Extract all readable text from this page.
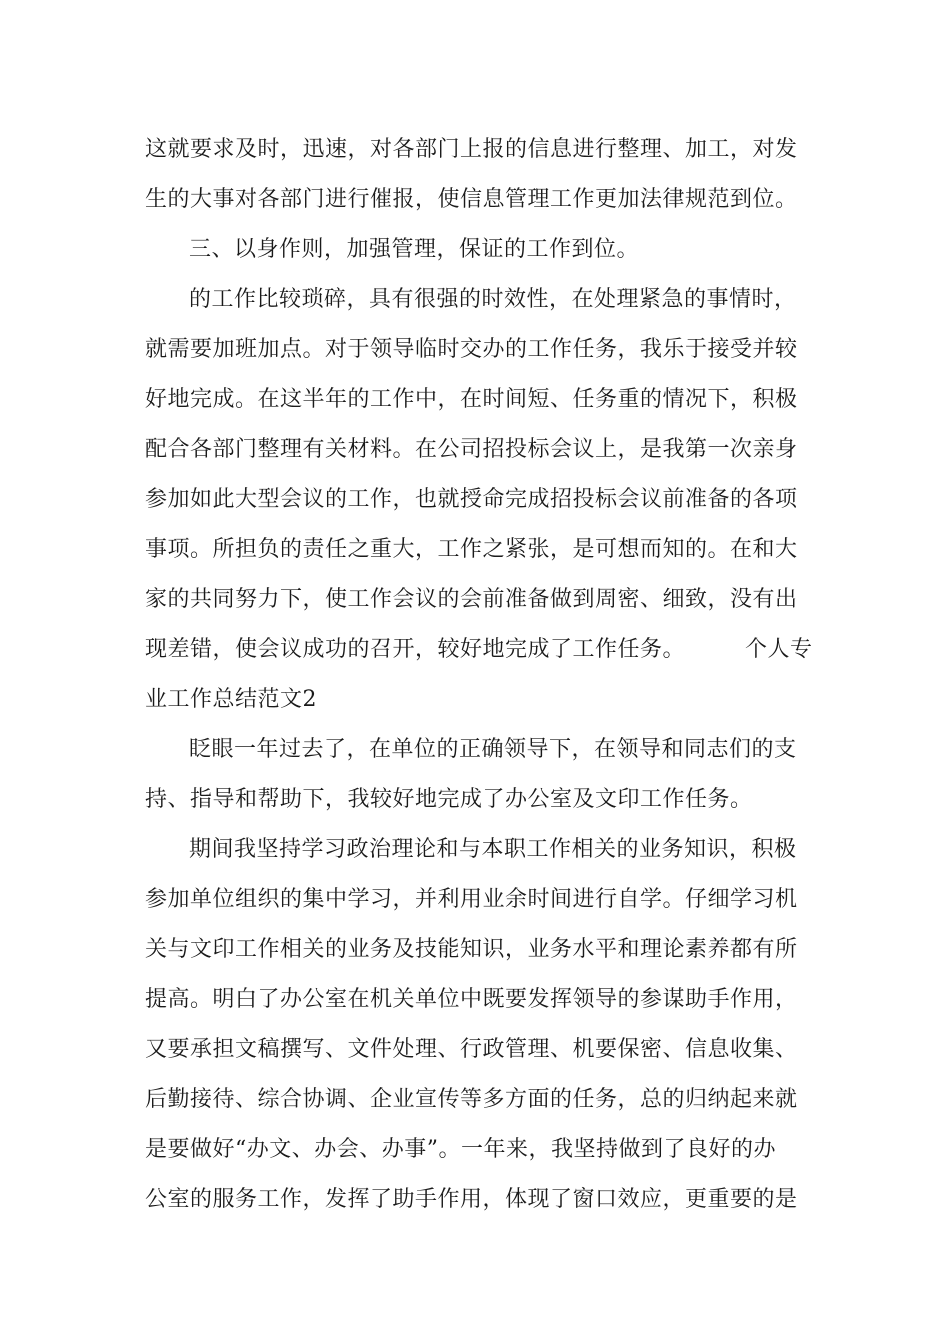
这就要求及时，迅速，对各部门上报的信息进行整理、加工，对发
生的大事对各部门进行催报，使信息管理工作更加法律规范到位。
三、以身作则，加强管理，保证的工作到位。
的工作比较琐碎，具有很强的时效性，在处理紧急的事情时，
就需要加班加点。对于领导临时交办的工作任务，我乐于接受并较
好地完成。在这半年的工作中，在时间短、任务重的情况下，积极
配合各部门整理有关材料。在公司招投标会议上，是我第一次亲身
参加如此大型会议的工作，也就授命完成招投标会议前准备的各项
事项。所担负的责任之重大，工作之紧张，是可想而知的。在和大
家的共同努力下，使工作会议的会前准备做到周密、细致，没有出
现差错，使会议成功的召开，较好地完成了工作任务。        个人专
业工作总结范文2
眨眼一年过去了，在单位的正确领导下，在领导和同志们的支
持、指导和帮助下，我较好地完成了办公室及文印工作任务。
期间我坚持学习政治理论和与本职工作相关的业务知识，积极
参加单位组织的集中学习，并利用业余时间进行自学。仔细学习机
关与文印工作相关的业务及技能知识，业务水平和理论素养都有所
提高。明白了办公室在机关单位中既要发挥领导的参谋助手作用，
又要承担文稿撰写、文件处理、行政管理、机要保密、信息收集、
后勤接待、综合协调、企业宣传等多方面的任务，总的归纳起来就
是要做好“办文、办会、办事”。一年来，我坚持做到了良好的办
公室的服务工作，发挥了助手作用，体现了窗口效应，更重要的是
